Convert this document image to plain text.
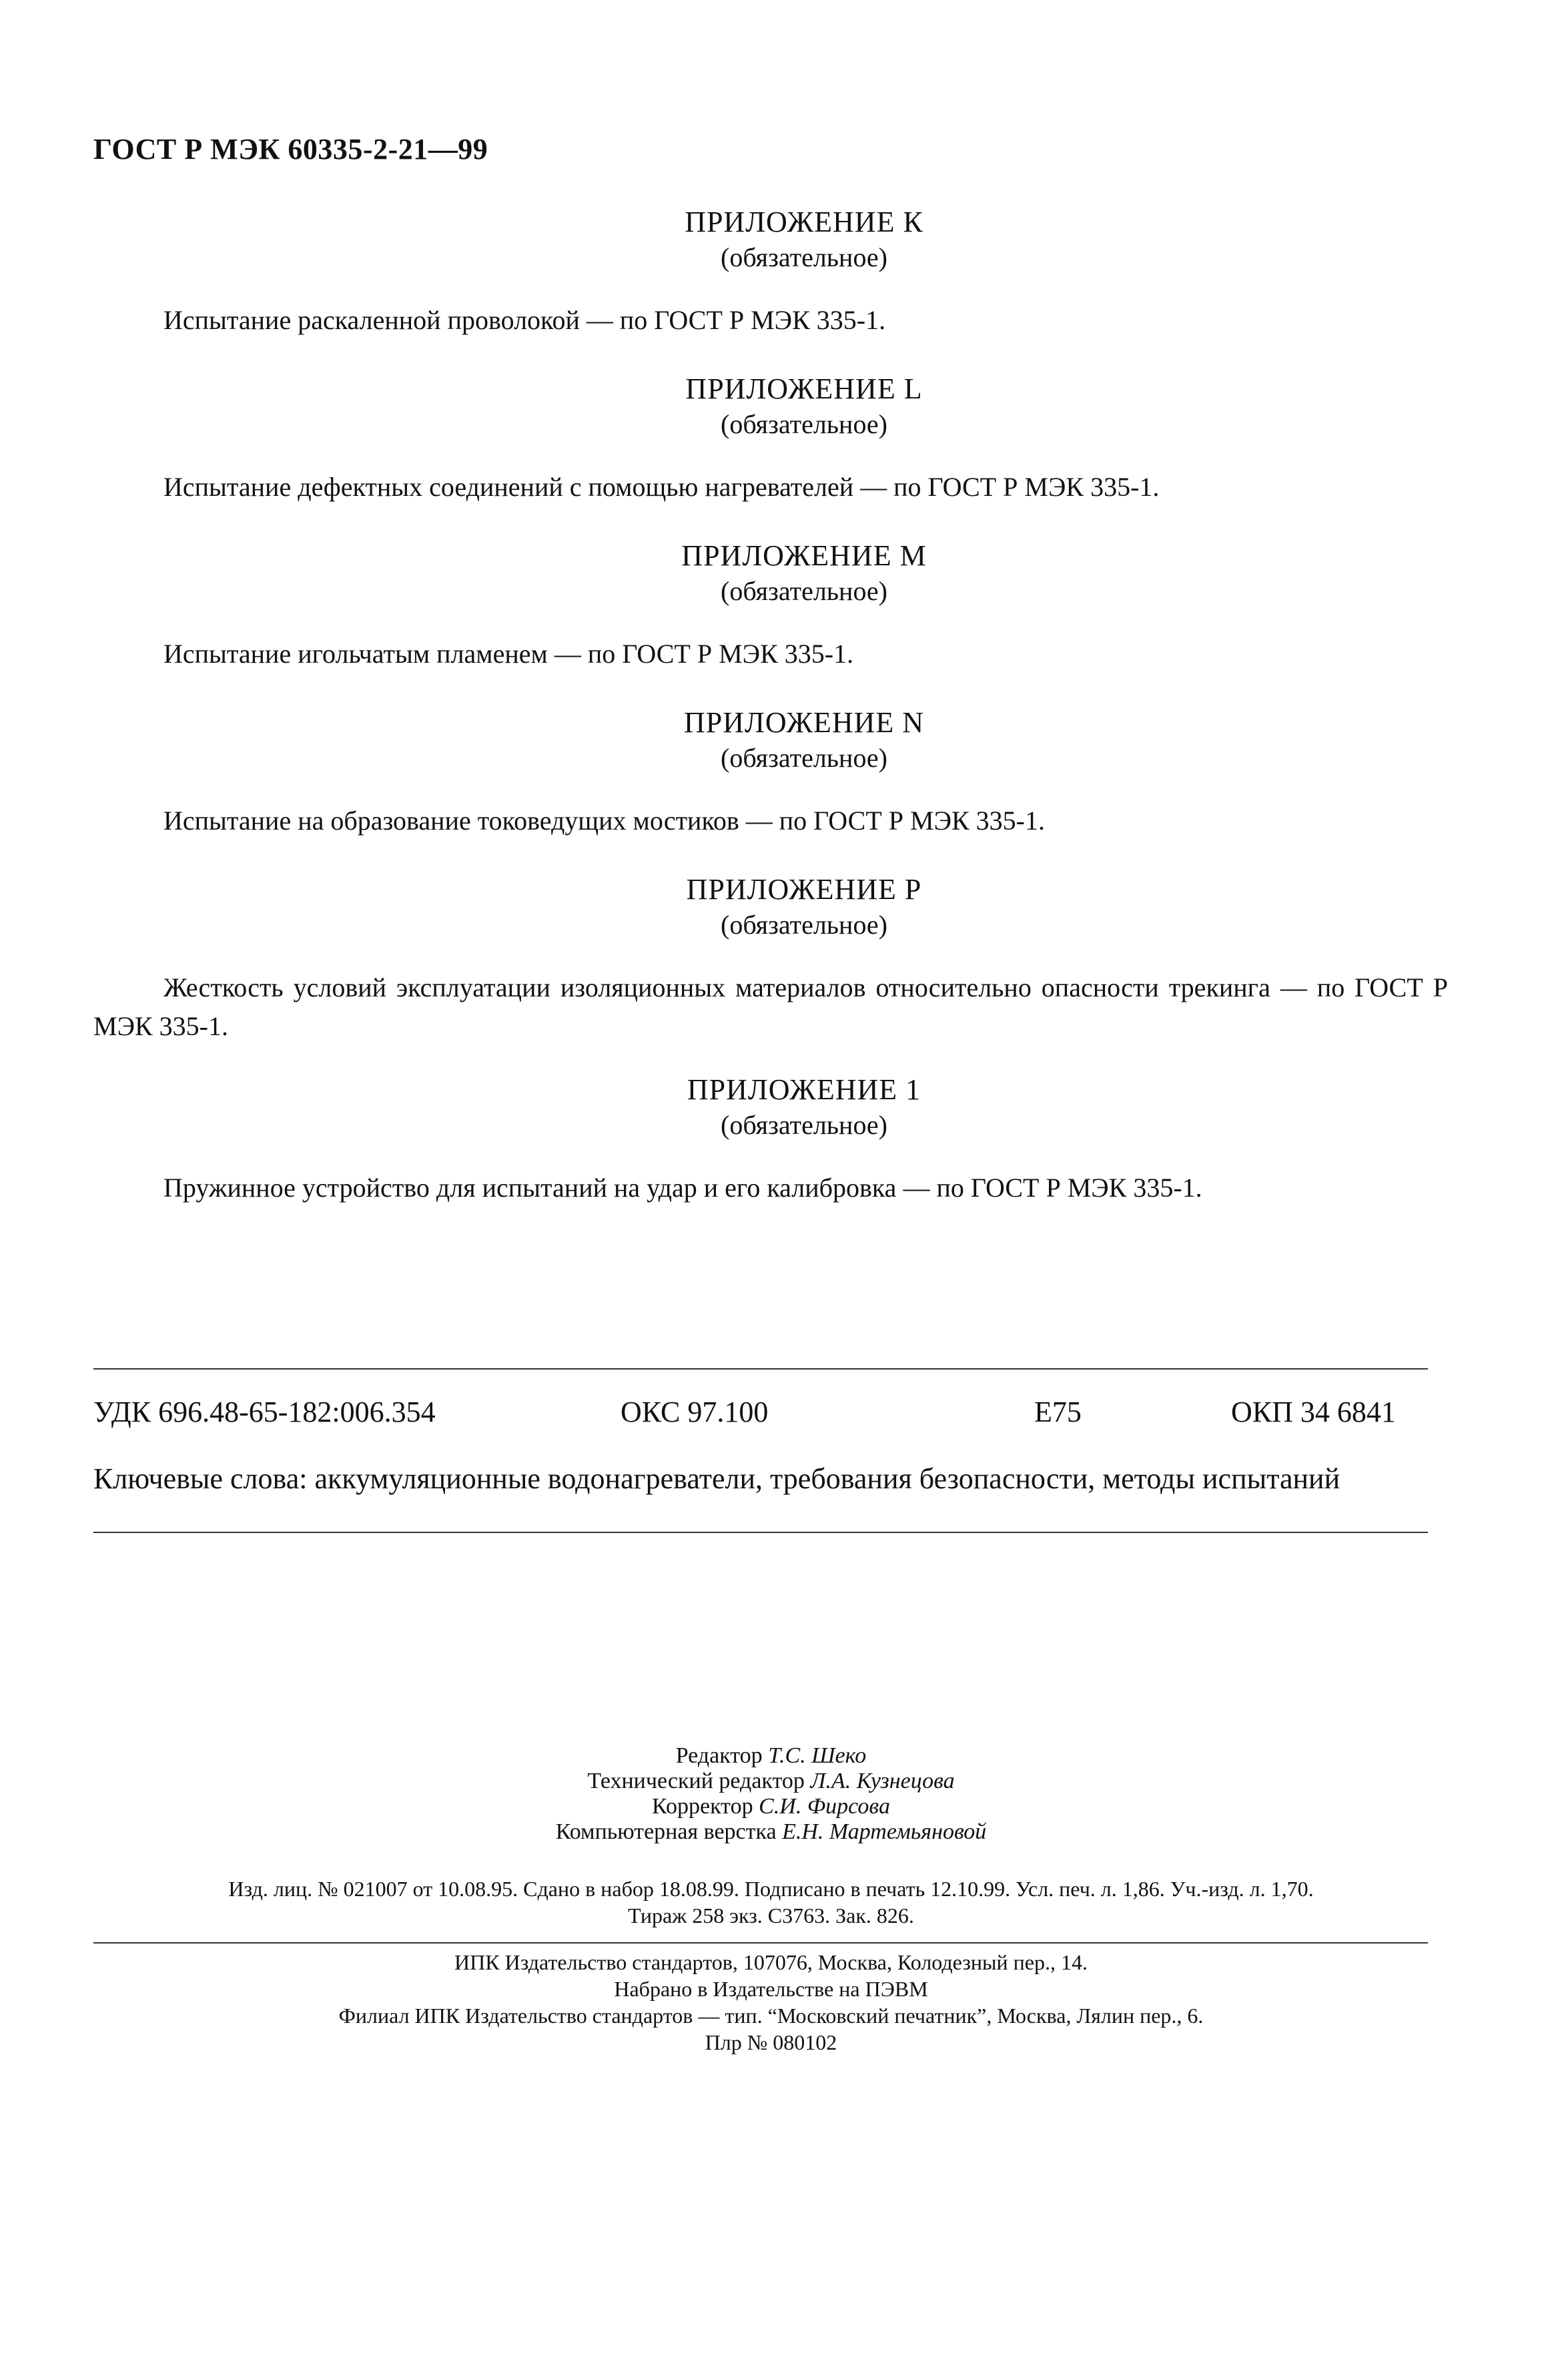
ГОСТ Р МЭК 60335-2-21—99
ПРИЛОЖЕНИЕ К
(обязательное)
Испытание раскаленной проволокой — по ГОСТ Р МЭК 335-1.
ПРИЛОЖЕНИЕ L
(обязательное)
Испытание дефектных соединений с помощью нагревателей — по ГОСТ Р МЭК 335-1.
ПРИЛОЖЕНИЕ М
(обязательное)
Испытание игольчатым пламенем — по ГОСТ Р МЭК 335-1.
ПРИЛОЖЕНИЕ N
(обязательное)
Испытание на образование токоведущих мостиков — по ГОСТ Р МЭК 335-1.
ПРИЛОЖЕНИЕ Р
(обязательное)
Жесткость условий эксплуатации изоляционных материалов относительно опасности трекинга — по ГОСТ Р МЭК 335-1.
ПРИЛОЖЕНИЕ 1
(обязательное)
Пружинное устройство для испытаний на удар и его калибровка — по ГОСТ Р МЭК 335-1.
УДК 696.48-65-182:006.354	ОКС 97.100	Е75	ОКП 34 6841
Ключевые слова: аккумуляционные водонагреватели, требования безопасности, методы испытаний
Редактор Т.С. Шеко
Технический редактор Л.А. Кузнецова
Корректор С.И. Фирсова
Компьютерная верстка Е.Н. Мартемьяновой
Изд. лиц. № 021007 от 10.08.95. Сдано в набор 18.08.99. Подписано в печать 12.10.99. Усл. печ. л. 1,86. Уч.-изд. л. 1,70.
Тираж 258 экз. С3763. Зак. 826.
ИПК Издательство стандартов, 107076, Москва, Колодезный пер., 14.
Набрано в Издательстве на ПЭВМ
Филиал ИПК Издательство стандартов — тип. “Московский печатник”, Москва, Лялин пер., 6.
Плр № 080102
